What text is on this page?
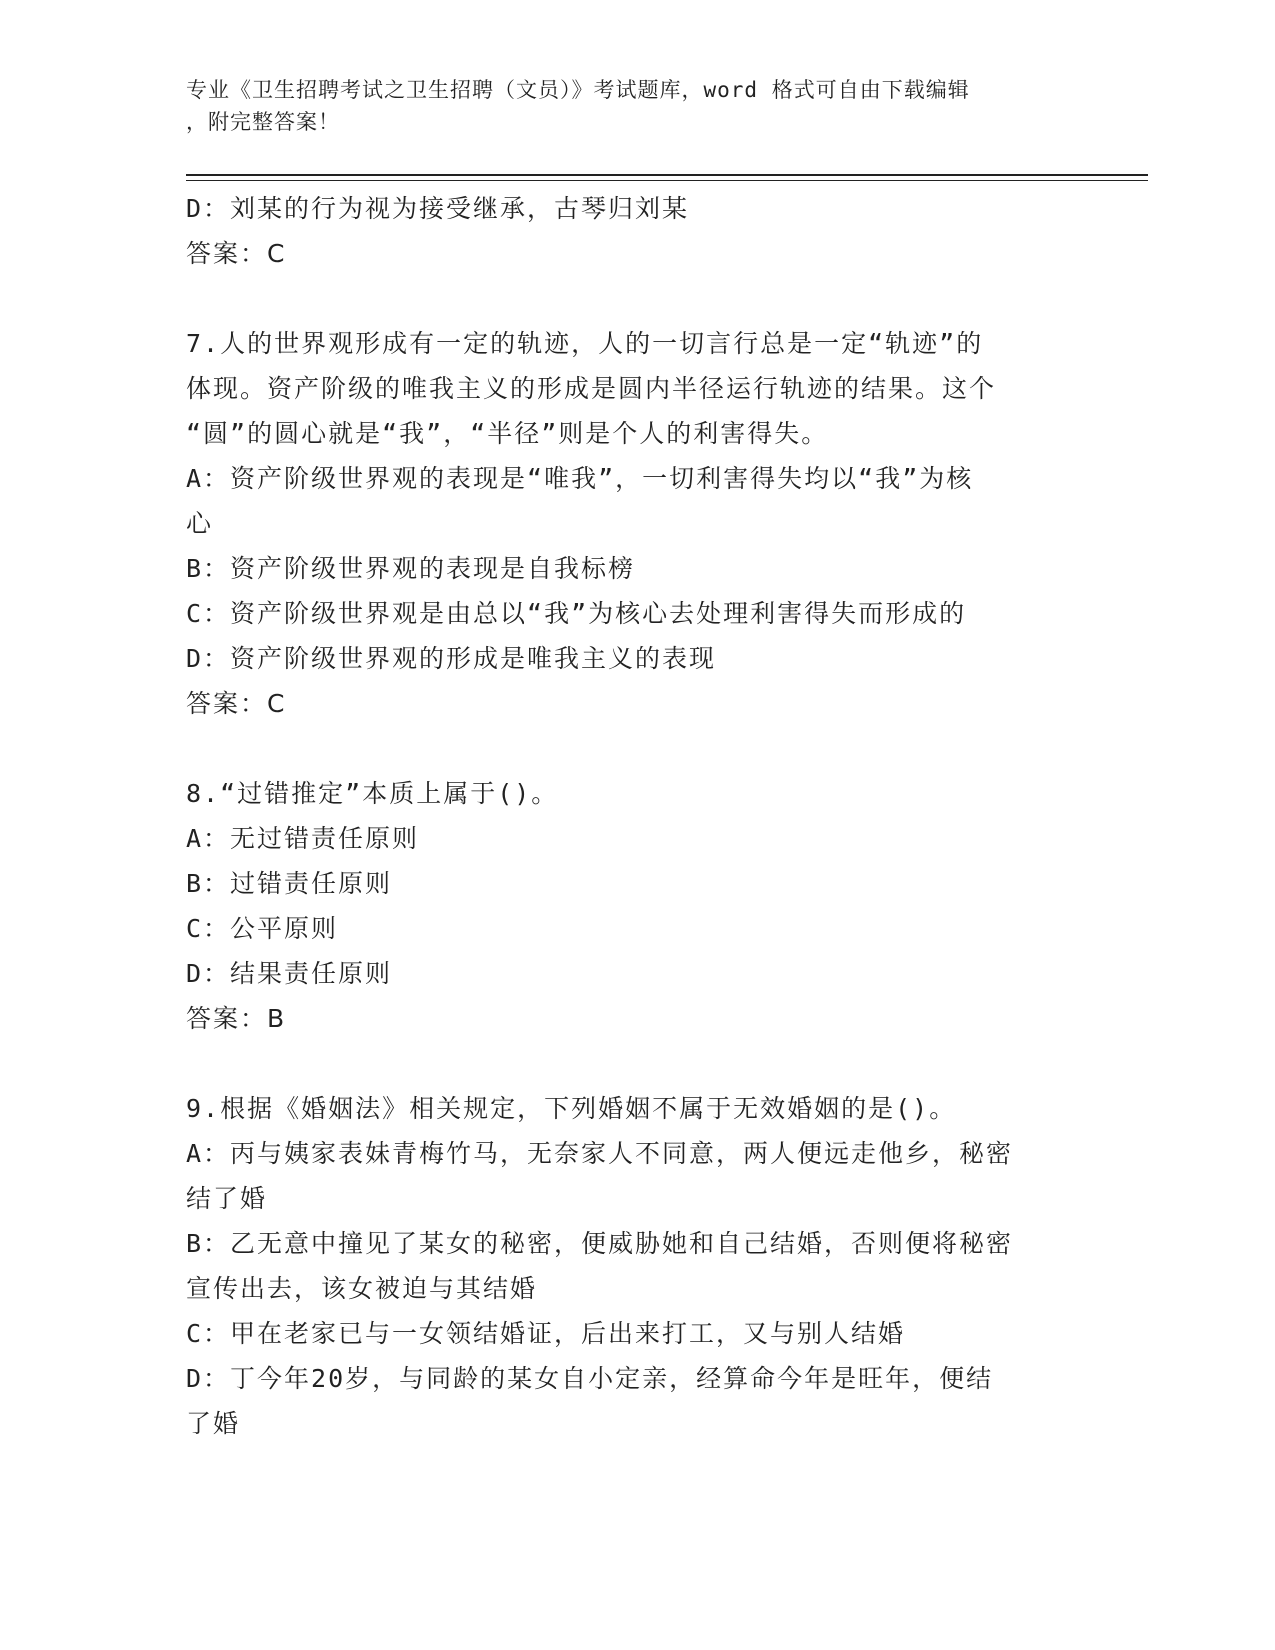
专业《卫生招聘考试之卫生招聘（文员）》考试题库，word 格式可自由下载编辑
，附完整答案！

D：刘某的行为视为接受继承，古琴归刘某

答案：C

7.人的世界观形成有一定的轨迹，人的一切言行总是一定“轨迹”的

体现。资产阶级的唯我主义的形成是圆内半径运行轨迹的结果。这个

“圆”的圆心就是“我”，“半径”则是个人的利害得失。

A：资产阶级世界观的表现是“唯我”，一切利害得失均以“我”为核

心

B：资产阶级世界观的表现是自我标榜

C：资产阶级世界观是由总以“我”为核心去处理利害得失而形成的

D：资产阶级世界观的形成是唯我主义的表现

答案：C

8.“过错推定”本质上属于()。

A：无过错责任原则

B：过错责任原则

C：公平原则

D：结果责任原则

答案：B

9.根据《婚姻法》相关规定，下列婚姻不属于无效婚姻的是()。

A：丙与姨家表妹青梅竹马，无奈家人不同意，两人便远走他乡，秘密

结了婚

B：乙无意中撞见了某女的秘密，便威胁她和自己结婚，否则便将秘密

宣传出去，该女被迫与其结婚

C：甲在老家已与一女领结婚证，后出来打工，又与别人结婚

D：丁今年20岁，与同龄的某女自小定亲，经算命今年是旺年，便结

了婚
